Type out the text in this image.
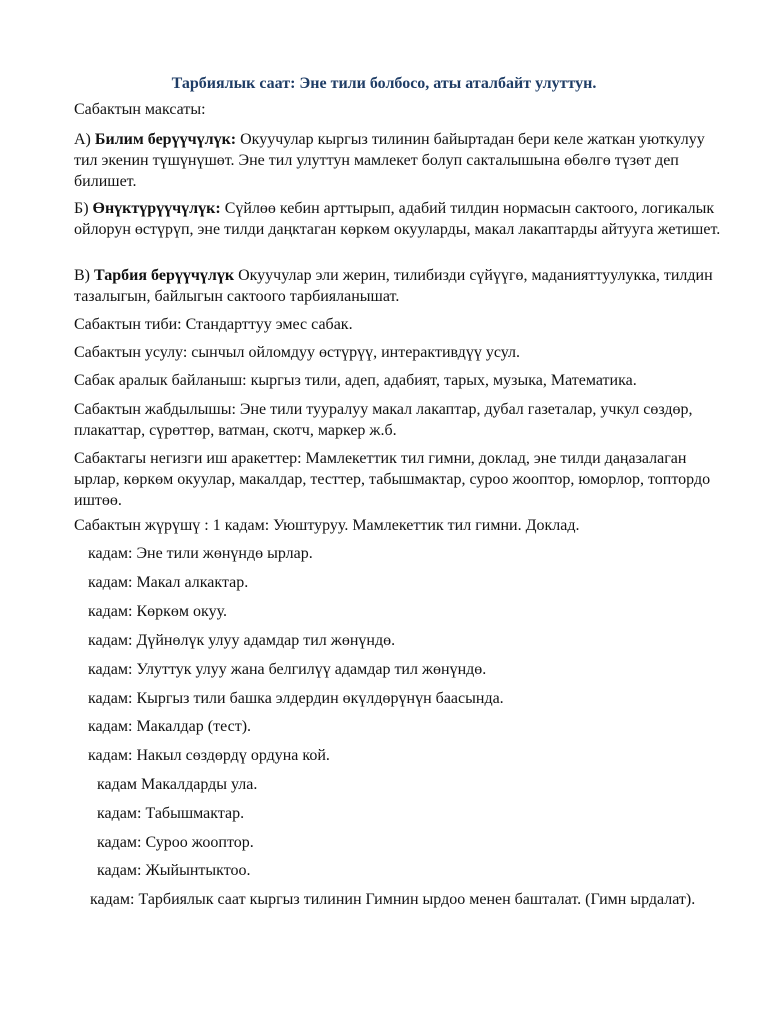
Тарбиялык саат: Эне тили болбосо, аты аталбайт улуттун.

Сабактын максаты:

А) Билим берүүчүлүк: Окуучулар кыргыз тилинин байыртадан бери келе жаткан уюткулуу тил экенин түшүнүшөт. Эне тил улуттун мамлекет болуп сакталышына өбөлгө түзөт деп билишет.

Б) Өнүктүрүүчүлүк: Сүйлөө кебин арттырып, адабий тилдин нормасын сактоого, логикалык ойлорун өстүрүп, эне тилди даңктаган көркөм окууларды, макал лакаптарды айтууга жетишет.

В) Тарбия берүүчүлүк Окуучулар эли жерин, тилибизди сүйүүгө, маданияттуулукка, тилдин тазалыгын, байлыгын сактоого тарбияланышат.

Сабактын тиби: Стандарттуу эмес сабак.

Сабактын усулу: сынчыл ойломдуу өстүрүү, интерактивдүү усул.

Сабак аралык байланыш: кыргыз тили, адеп, адабият, тарых, музыка, Математика.

Сабактын жабдылышы: Эне тили тууралуу макал лакаптар, дубал газеталар, учкул сөздөр, плакаттар, сүрөттөр, ватман, скотч, маркер ж.б.

Сабактагы негизги иш аракеттер: Мамлекеттик тил гимни, доклад, эне тилди даңазалаган ырлар, көркөм окуулар, макалдар, тесттер, табышмактар, суроо жооптор, юморлор, топтордо иштөө.

Сабактын жүрүшү : 1 кадам: Уюштуруу. Мамлекеттик тил гимни. Доклад.

кадам: Эне тили жөнүндө ырлар.

кадам: Макал алкактар.

кадам: Көркөм окуу.

кадам: Дүйнөлүк улуу адамдар тил жөнүндө.

кадам: Улуттук улуу жана белгилүү адамдар тил жөнүндө.

кадам: Кыргыз тили башка элдердин өкүлдөрүнүн баасында.

кадам: Макалдар (тест).

кадам: Накыл сөздөрдү ордуна кой.

кадам Макалдарды ула.

кадам: Табышмактар.

кадам: Суроо жооптор.

кадам: Жыйынтыктоо.

кадам: Тарбиялык саат кыргыз тилинин Гимнин ырдоо менен башталат. (Гимн ырдалат).
